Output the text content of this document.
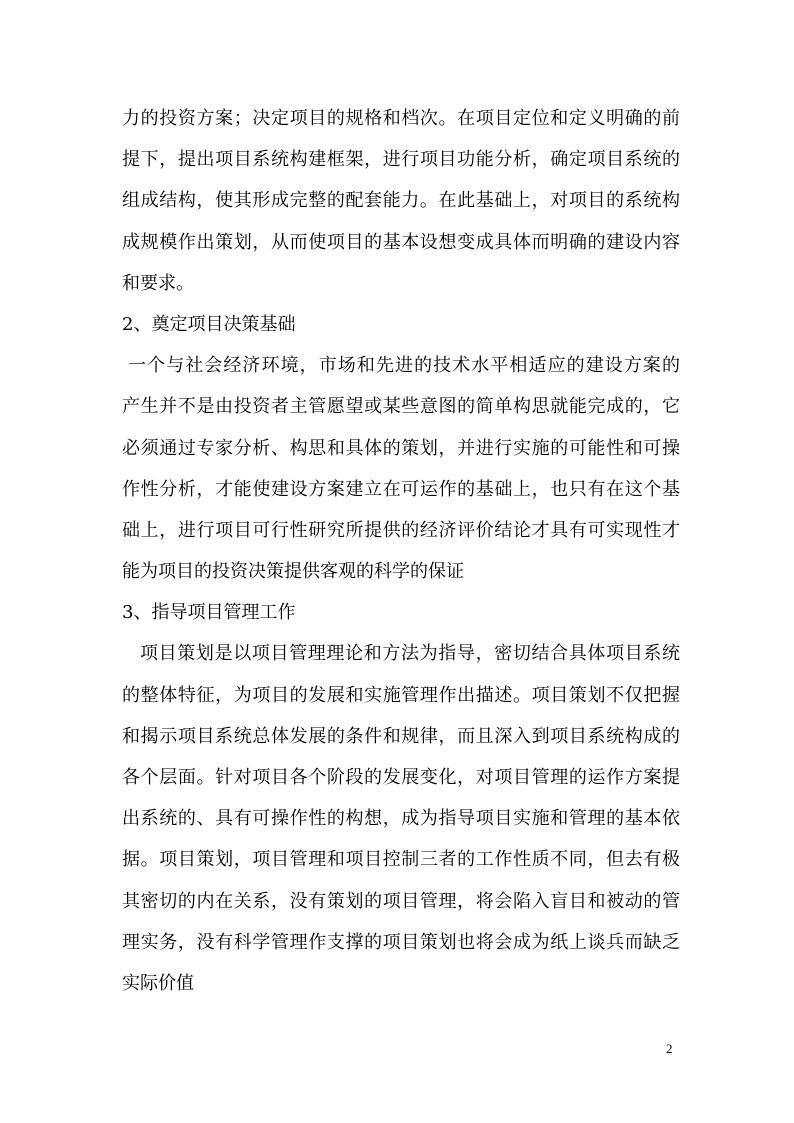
力的投资方案；决定项目的规格和档次。在项目定位和定义明确的前
提下，提出项目系统构建框架，进行项目功能分析，确定项目系统的
组成结构，使其形成完整的配套能力。在此基础上，对项目的系统构
成规模作出策划，从而使项目的基本设想变成具体而明确的建设内容
和要求。
2、奠定项目决策基础
一个与社会经济环境，市场和先进的技术水平相适应的建设方案的
产生并不是由投资者主管愿望或某些意图的简单构思就能完成的，它
必须通过专家分析、构思和具体的策划，并进行实施的可能性和可操
作性分析，才能使建设方案建立在可运作的基础上，也只有在这个基
础上，进行项目可行性研究所提供的经济评价结论才具有可实现性才
能为项目的投资决策提供客观的科学的保证
3、指导项目管理工作
项目策划是以项目管理理论和方法为指导，密切结合具体项目系统
的整体特征，为项目的发展和实施管理作出描述。项目策划不仅把握
和揭示项目系统总体发展的条件和规律，而且深入到项目系统构成的
各个层面。针对项目各个阶段的发展变化，对项目管理的运作方案提
出系统的、具有可操作性的构想，成为指导项目实施和管理的基本依
据。项目策划，项目管理和项目控制三者的工作性质不同，但去有极
其密切的内在关系，没有策划的项目管理，将会陷入盲目和被动的管
理实务，没有科学管理作支撑的项目策划也将会成为纸上谈兵而缺乏
实际价值
2
